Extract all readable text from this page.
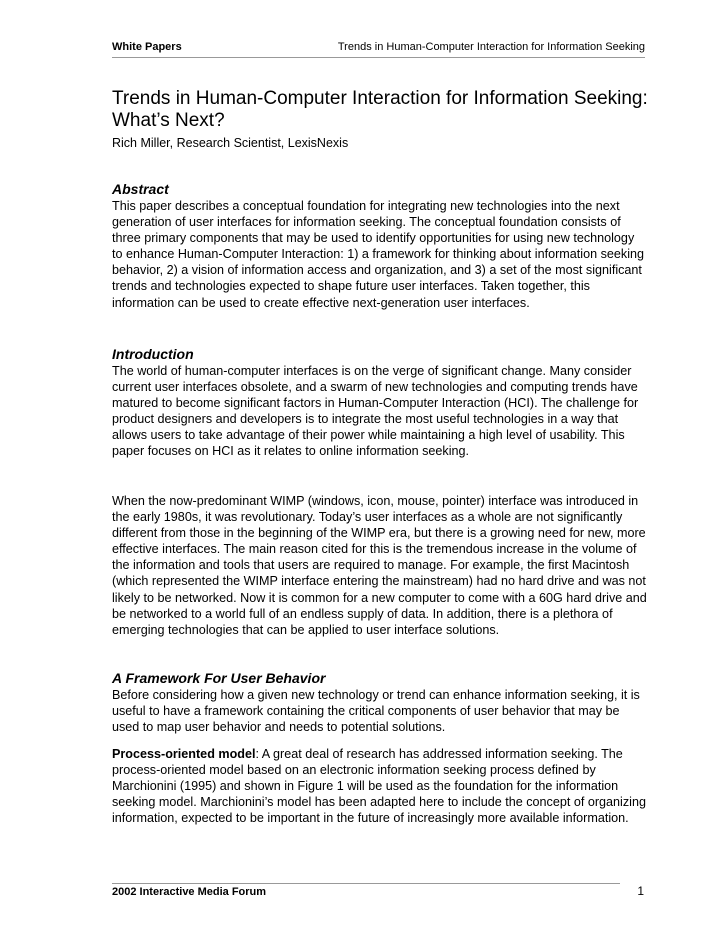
White Papers	Trends in Human-Computer Interaction for Information Seeking
Trends in Human-Computer Interaction for Information Seeking:
What’s Next?
Rich Miller, Research Scientist, LexisNexis
Abstract

This paper describes a conceptual foundation for integrating new technologies into the next generation of user interfaces for information seeking. The conceptual foundation consists of three primary components that may be used to identify opportunities for using new technology to enhance Human-Computer Interaction: 1) a framework for thinking about information seeking behavior, 2) a vision of information access and organization, and 3) a set of the most significant trends and technologies expected to shape future user interfaces. Taken together, this information can be used to create effective next-generation user interfaces.

Introduction

The world of human-computer interfaces is on the verge of significant change. Many consider current user interfaces obsolete, and a swarm of new technologies and computing trends have matured to become significant factors in Human-Computer Interaction (HCI). The challenge for product designers and developers is to integrate the most useful technologies in a way that allows users to take advantage of their power while maintaining a high level of usability. This paper focuses on HCI as it relates to online information seeking.

When the now-predominant WIMP (windows, icon, mouse, pointer) interface was introduced in the early 1980s, it was revolutionary. Today’s user interfaces as a whole are not significantly different from those in the beginning of the WIMP era, but there is a growing need for new, more effective interfaces. The main reason cited for this is the tremendous increase in the volume of the information and tools that users are required to manage. For example, the first Macintosh (which represented the WIMP interface entering the mainstream) had no hard drive and was not likely to be networked. Now it is common for a new computer to come with a 60G hard drive and be networked to a world full of an endless supply of data. In addition, there is a plethora of emerging technologies that can be applied to user interface solutions.

A Framework For User Behavior

Before considering how a given new technology or trend can enhance information seeking, it is useful to have a framework containing the critical components of user behavior that may be used to map user behavior and needs to potential solutions.

Process-oriented model: A great deal of research has addressed information seeking. The process-oriented model based on an electronic information seeking process defined by Marchionini (1995) and shown in Figure 1 will be used as the foundation for the information seeking model. Marchionini’s model has been adapted here to include the concept of organizing information, expected to be important in the future of increasingly more available information.

2002 Interactive Media Forum	1
